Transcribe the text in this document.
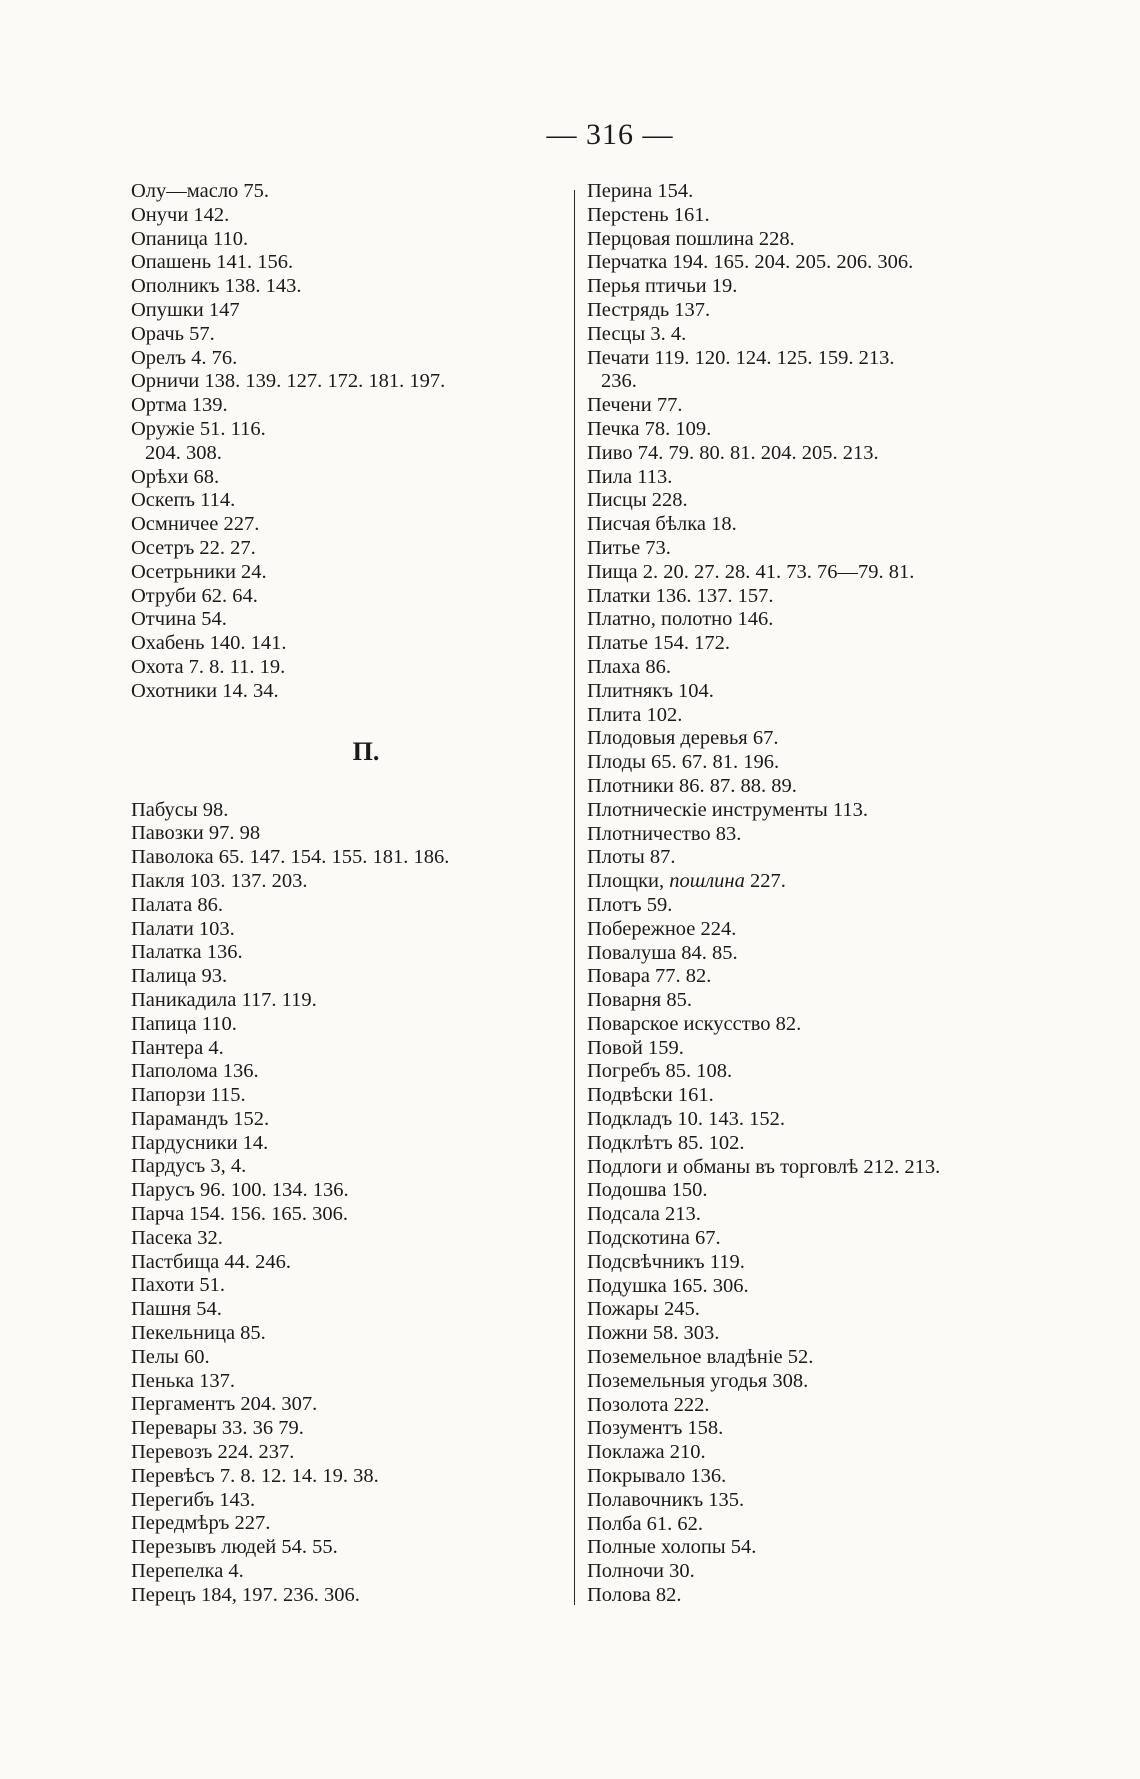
— 316 —
Олу—масло 75.
Онучи 142.
Опаница 110.
Опашень 141. 156.
Ополникъ 138. 143.
Опушки 147
Орачь 57.
Орелъ 4. 76.
Орничи 138. 139. 127. 172. 181. 197.
Ортма 139.
Оружіе 51. 116.
204. 308.
Орѣхи 68.
Оскепъ 114.
Осмничее 227.
Осетръ 22. 27.
Осетрьники 24.
Отруби 62. 64.
Отчина 54.
Охабень 140. 141.
Охота 7. 8. 11. 19.
Охотники 14. 34.
П.
Пабусы 98.
Павозки 97. 98
Паволока 65. 147. 154. 155. 181. 186.
Пакля 103. 137. 203.
Палата 86.
Палати 103.
Палатка 136.
Палица 93.
Паникадила 117. 119.
Папица 110.
Пантера 4.
Паполома 136.
Папорзи 115.
Парамандъ 152.
Пардусники 14.
Пардусъ 3, 4.
Парусъ 96. 100. 134. 136.
Парча 154. 156. 165. 306.
Пасека 32.
Пастбища 44. 246.
Пахоти 51.
Пашня 54.
Пекельница 85.
Пелы 60.
Пенька 137.
Пергаментъ 204. 307.
Перевары 33. 36 79.
Перевозъ 224. 237.
Перевѣсъ 7. 8. 12. 14. 19. 38.
Перегибъ 143.
Передмѣръ 227.
Перезывъ людей 54. 55.
Перепелка 4.
Перецъ 184, 197. 236. 306.
Перина 154.
Перстень 161.
Перцовая пошлина 228.
Перчатка 194. 165. 204. 205. 206. 306.
Перья птичьи 19.
Пестрядь 137.
Песцы 3. 4.
Печати 119. 120. 124. 125. 159. 213.
236.
Печени 77.
Печка 78. 109.
Пиво 74. 79. 80. 81. 204. 205. 213.
Пила 113.
Писцы 228.
Писчая бѣлка 18.
Питье 73.
Пища 2. 20. 27. 28. 41. 73. 76—79. 81.
Платки 136. 137. 157.
Платно, полотно 146.
Платье 154. 172.
Плаха 86.
Плитнякъ 104.
Плита 102.
Плодовыя деревья 67.
Плоды 65. 67. 81. 196.
Плотники 86. 87. 88. 89.
Плотническіе инструменты 113.
Плотничество 83.
Плоты 87.
Площки, пошлина 227.
Плотъ 59.
Побережное 224.
Повалуша 84. 85.
Повара 77. 82.
Поварня 85.
Поварское искусство 82.
Повой 159.
Погребъ 85. 108.
Подвѣски 161.
Подкладъ 10. 143. 152.
Подклѣтъ 85. 102.
Подлоги и обманы въ торговлѣ 212. 213.
Подошва 150.
Подсала 213.
Подскотина 67.
Подсвѣчникъ 119.
Подушка 165. 306.
Пожары 245.
Пожни 58. 303.
Поземельное владѣніе 52.
Поземельныя угодья 308.
Позолота 222.
Позументъ 158.
Поклажа 210.
Покрывало 136.
Полавочникъ 135.
Полба 61. 62.
Полные холопы 54.
Полночи 30.
Полова 82.
